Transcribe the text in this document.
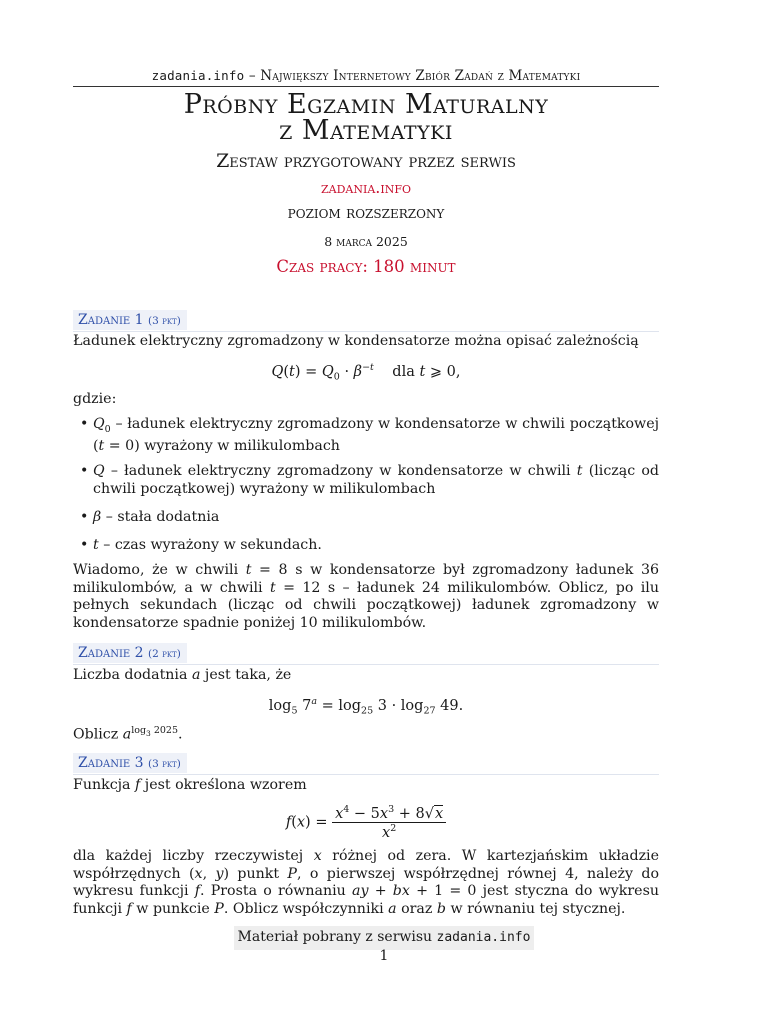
zadania.info – Największy Internetowy Zbiór Zadań z Matematyki
Próbny Egzamin Maturalny
z Matematyki
Zestaw przygotowany przez serwis
zadania.info
poziom rozszerzony
8 marca 2025
Czas pracy: 180 minut
Zadanie 1 (3 pkt)
Ładunek elektryczny zgromadzony w kondensatorze można opisać zależnością
$Q(t) = Q_0 \cdot \beta^{-t}$ dla t ⩾ 0,
gdzie:
• $Q_0$ – ładunek elektryczny zgromadzony w kondensatorze w chwili początkowej (t = 0) wyrażony w milikulombach
• Q – ładunek elektryczny zgromadzony w kondensatorze w chwili t (licząc od chwili początkowej) wyrażony w milikulombach
• β – stała dodatnia
• t – czas wyrażony w sekundach.
Wiadomo, że w chwili t = 8 s w kondensatorze był zgromadzony ładunek 36 milikulombów, a w chwili t = 12 s – ładunek 24 milikulombów. Oblicz, po ilu pełnych sekundach (licząc od chwili początkowej) ładunek zgromadzony w kondensatorze spadnie poniżej 10 milikulombów.
Zadanie 2 (2 pkt)
Liczba dodatnia a jest taka, że
$\log_5 7^a = \log_{25} 3 \cdot \log_{27} 49$.
Oblicz $a^{log_3 2025}$.
Zadanie 3 (3 pkt)
Funkcja f jest określona wzorem
$f(x) = \frac{x^4 - 5x^3 + 8√x}{x^2}$
dla każdej liczby rzeczywistej x różnej od zera. W kartezjańskim układzie współrzędnych (x, y) punkt P, o pierwszej współrzędnej równej 4, należy do wykresu funkcji f. Prosta o równaniu ay + bx + 1 = 0 jest styczna do wykresu funkcji f w punkcie P. Oblicz współczynniki a oraz b w równaniu tej stycznej.
Materiał pobrany z serwisu zadania.info
1
